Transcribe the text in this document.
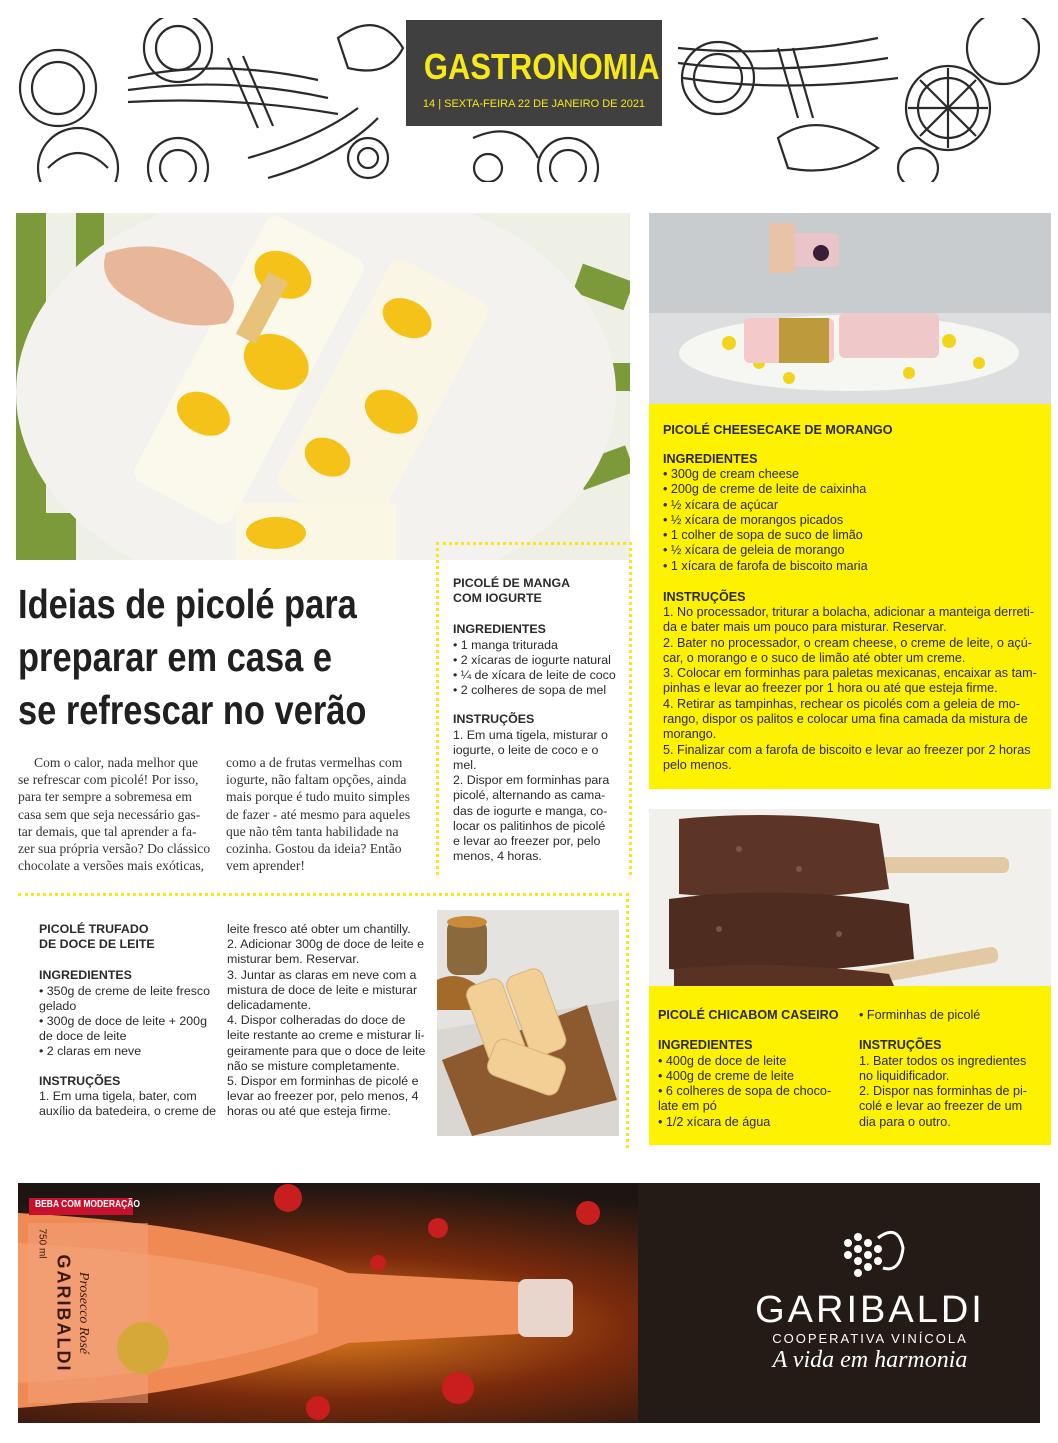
GASTRONOMIA
14 | SEXTA-FEIRA 22 DE JANEIRO DE 2021
PICOLÉ CHEESECAKE DE MORANGO
INGREDIENTES
• 300g de cream cheese
• 200g de creme de leite de caixinha
• ½ xícara de açúcar
• ½ xícara de morangos picados
• 1 colher de sopa de suco de limão
• ½ xícara de geleia de morango
• 1 xícara de farofa de biscoito maria
INSTRUÇÕES
1. No processador, triturar a bolacha, adicionar a manteiga derreti-
da e bater mais um pouco para misturar. Reservar.
2. Bater no processador, o cream cheese, o creme de leite, o açú-
car, o morango e o suco de limão até obter um creme.
3. Colocar em forminhas para paletas mexicanas, encaixar as tam-
pinhas e levar ao freezer por 1 hora ou até que esteja firme.
4. Retirar as tampinhas, rechear os picolés com a geleia de mo-
rango, dispor os palitos e colocar uma fina camada da mistura de
morango.
5. Finalizar com a farofa de biscoito e levar ao freezer por 2 horas
pelo menos.
Ideias de picolé para
preparar em casa e
se refrescar no verão
Com o calor, nada melhor que
se refrescar com picolé! Por isso,
para ter sempre a sobremesa em
casa sem que seja necessário gas-
tar demais, que tal aprender a fa-
zer sua própria versão? Do clássico
chocolate a versões mais exóticas,
como a de frutas vermelhas com
iogurte, não faltam opções, ainda
mais porque é tudo muito simples
de fazer - até mesmo para aqueles
que não têm tanta habilidade na
cozinha. Gostou da ideia? Então
vem aprender!
PICOLÉ DE MANGA
COM IOGURTE
INGREDIENTES
• 1 manga triturada
• 2 xícaras de iogurte natural
• ¼ de xícara de leite de coco
• 2 colheres de sopa de mel
INSTRUÇÕES
1. Em uma tigela, misturar o
iogurte, o leite de coco e o
mel.
2. Dispor em forminhas para
picolé, alternando as cama-
das de iogurte e manga, co-
locar os palitinhos de picolé
e levar ao freezer por, pelo
menos, 4 horas.
PICOLÉ TRUFADO
DE DOCE DE LEITE
INGREDIENTES
• 350g de creme de leite fresco
gelado
• 300g de doce de leite + 200g
de doce de leite
• 2 claras em neve
INSTRUÇÕES
1. Em uma tigela, bater, com
auxílio da batedeira, o creme de
leite fresco até obter um chantilly.
2. Adicionar 300g de doce de leite e
misturar bem. Reservar.
3. Juntar as claras em neve com a
mistura de doce de leite e misturar
delicadamente.
4. Dispor colheradas do doce de
leite restante ao creme e misturar li-
geiramente para que o doce de leite
não se misture completamente.
5. Dispor em forminhas de picolé e
levar ao freezer por, pelo menos, 4
horas ou até que esteja firme.
PICOLÉ CHICABOM CASEIRO
INGREDIENTES
• 400g de doce de leite
• 400g de creme de leite
• 6 colheres de sopa de choco-
late em pó
• 1/2 xícara de água
• Forminhas de picolé
INSTRUÇÕES
1. Bater todos os ingredientes
no liquidificador.
2. Dispor nas forminhas de pi-
colé e levar ao freezer de um
dia para o outro.
BEBA COM MODERAÇÃO
GARIBALDI Prosecco Rosé
750 ml
GARIBALDI
COOPERATIVA VINÍCOLA
A vida em harmonia
